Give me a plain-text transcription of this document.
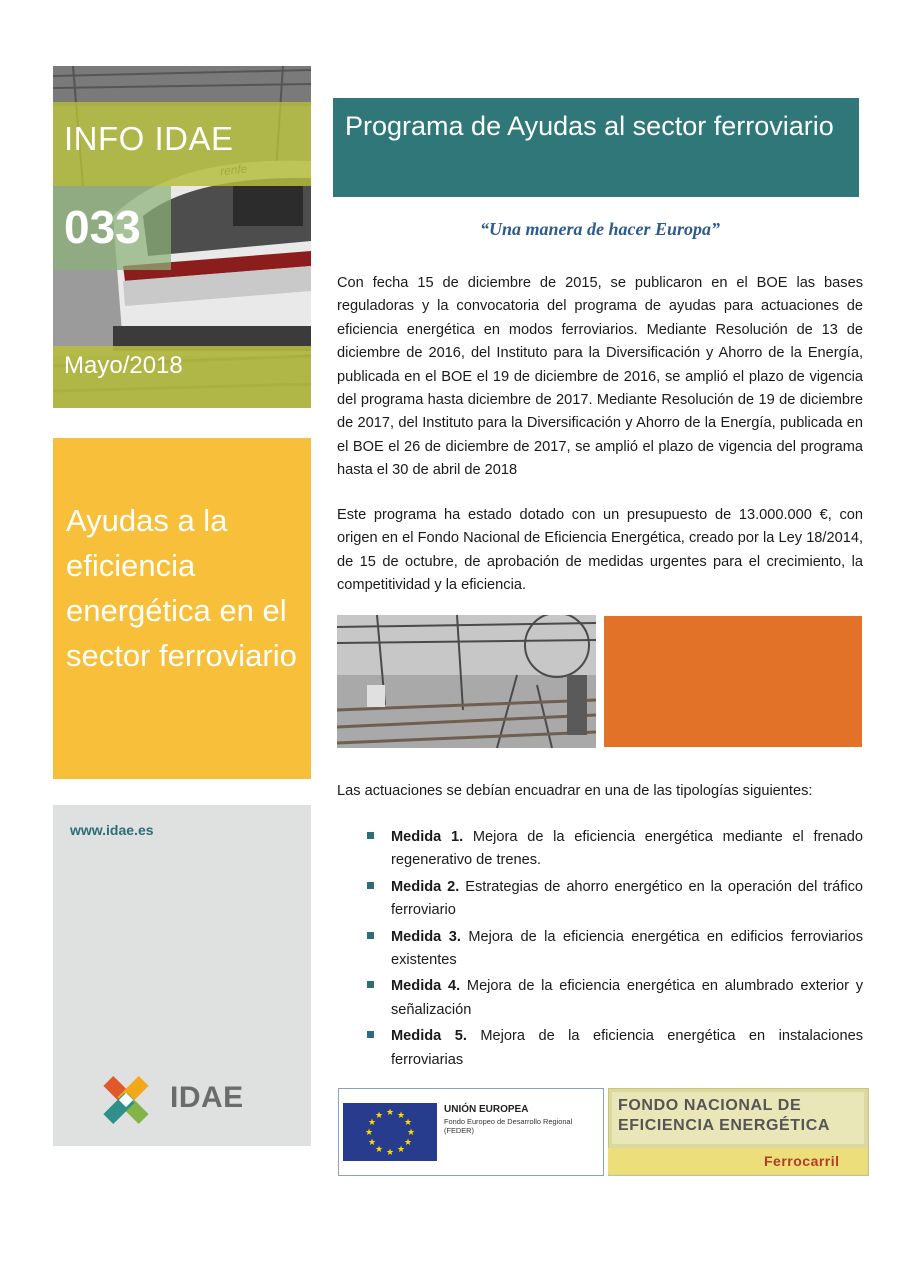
INFO IDAE
033
Mayo/2018
Ayudas a la eficiencia energética en el sector ferroviario
www.idae.es
IDAE
Programa de Ayudas al sector ferroviario
“Una manera de hacer Europa”
Con fecha 15 de diciembre de 2015, se publicaron en el BOE las bases reguladoras y la convocatoria del programa de ayudas para actuaciones de eficiencia energética en modos ferroviarios. Mediante Resolución de 13 de diciembre de 2016, del Instituto para la Diversificación y Ahorro de la Energía, publicada en el BOE el 19 de diciembre de 2016, se amplió el plazo de vigencia del programa hasta diciembre de 2017. Mediante Resolución de 19 de diciembre de 2017, del Instituto para la Diversificación y Ahorro de la Energía, publicada en el BOE el 26 de diciembre de 2017, se amplió el plazo de vigencia del programa hasta el 30 de abril de 2018
Este programa ha estado dotado con un presupuesto de 13.000.000 €, con origen en el Fondo Nacional de Eficiencia Energética, creado por la Ley 18/2014, de 15 de octubre, de aprobación de medidas urgentes para el crecimiento, la competitividad y la eficiencia.
Las actuaciones se debían encuadrar en una de las tipologías siguientes:
Medida 1. Mejora de la eficiencia energética mediante el frenado regenerativo de trenes.
Medida 2. Estrategias de ahorro energético en la operación del tráfico ferroviario
Medida 3. Mejora de la eficiencia energética en edificios ferroviarios existentes
Medida 4. Mejora de la eficiencia energética en alumbrado exterior y señalización
Medida 5. Mejora de la eficiencia energética en instalaciones ferroviarias
★ ★
★
★
★
★
★
★
★
★
★
★
UNIÓN EUROPEA
Fondo Europeo de Desarrollo Regional
(FEDER)
FONDO NACIONAL DE
EFICIENCIA ENERGÉTICA
Ferrocarril
